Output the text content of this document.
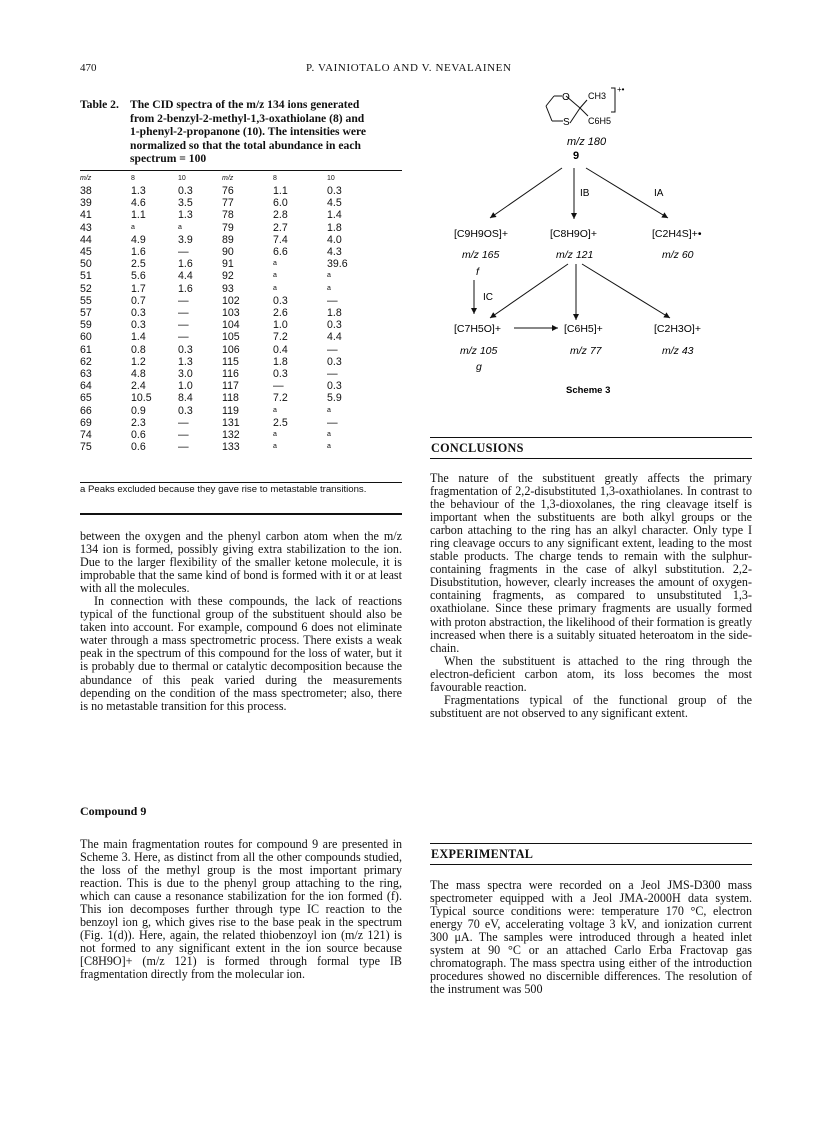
470	P. VAINIOTALO AND V. NEVALAINEN
Table 2. The CID spectra of the m/z 134 ions generated
from 2-benzyl-2-methyl-1,3-oxathiolane (8) and
1-phenyl-2-propanone (10). The intensities were
normalized so that the total abundance in each
spectrum = 100
m/z	8	10	m/z	8	10
38	1.3	0.3	76	1.1	0.3
39	4.6	3.5	77	6.0	4.5
41	1.1	1.3	78	2.8	1.4
43	a	a	79	2.7	1.8
44	4.9	3.9	89	7.4	4.0
45	1.6	—	90	6.6	4.3
50	2.5	1.6	91	a	39.6
51	5.6	4.4	92	a	a
52	1.7	1.6	93	a	a
55	0.7	—	102	0.3	—
57	0.3	—	103	2.6	1.8
59	0.3	—	104	1.0	0.3
60	1.4	—	105	7.2	4.4
61	0.8	0.3	106	0.4	—
62	1.2	1.3	115	1.8	0.3
63	4.8	3.0	116	0.3	—
64	2.4	1.0	117	—	0.3
65	10.5	8.4	118	7.2	5.9
66	0.9	0.3	119	a	a
69	2.3	—	131	2.5	—
74	0.6	—	132	a	a
75	0.6	—	133	a	a
a Peaks excluded because they gave rise to metastable transitions.

between the oxygen and the phenyl carbon atom when the m/z 134 ion is formed, possibly giving extra stabilization to the ion. Due to the larger flexibility of the smaller ketone molecule, it is improbable that the same kind of bond is formed with it or at least with all the molecules.

In connection with these compounds, the lack of reactions typical of the functional group of the substituent should also be taken into account. For example, compound 6 does not eliminate water through a mass spectrometric process. There exists a weak peak in the spectrum of this compound for the loss of water, but it is probably due to thermal or catalytic decomposition because the abundance of this peak varied during the measurements depending on the condition of the mass spectrometer; also, there is no metastable transition for this process.

Compound 9

The main fragmentation routes for compound 9 are presented in Scheme 3. Here, as distinct from all the other compounds studied, the loss of the methyl group is the most important primary reaction. This is due to the phenyl group attaching to the ring, which can cause a resonance stabilization for the ion formed (f). This ion decomposes further through type IC reaction to the benzoyl ion g, which gives rise to the base peak in the spectrum (Fig. 1(d)). Here, again, the related thiobenzoyl ion (m/z 121) is not formed to any significant extent in the ion source because [C8H9O]+ (m/z 121) is formed through formal type IB fragmentation directly from the molecular ion.

O
S
CH3
C6H5
+•
m/z 180
9
IB	IA
[C9H9OS]+
m/z 165
f
[C8H9O]+
m/z 121
[C2H4S]+•
m/z 60
IC
[C7H5O]+
m/z 105
g
[C6H5]+
m/z 77
[C2H3O]+
m/z 43
Scheme 3
CONCLUSIONS

The nature of the substituent greatly affects the primary fragmentation of 2,2-disubstituted 1,3-oxathiolanes. In contrast to the behaviour of the 1,3-dioxolanes, the ring cleavage itself is important when the substituents are both alkyl groups or the carbon attaching to the ring has an alkyl character. Only type I ring cleavage occurs to any significant extent, leading to the most stable products. The charge tends to remain with the sulphur-containing fragments in the case of alkyl substitution. 2,2-Disubstitution, however, clearly increases the amount of oxygen-containing fragments, as compared to unsubstituted 1,3-oxathiolane. Since these primary fragments are usually formed with proton abstraction, the likelihood of their formation is greatly increased when there is a suitably situated heteroatom in the side-chain.

When the substituent is attached to the ring through the electron-deficient carbon atom, its loss becomes the most favourable reaction.

Fragmentations typical of the functional group of the substituent are not observed to any significant extent.

EXPERIMENTAL

The mass spectra were recorded on a Jeol JMS-D300 mass spectrometer equipped with a Jeol JMA-2000H data system. Typical source conditions were: temperature 170 °C, electron energy 70 eV, accelerating voltage 3 kV, and ionization current 300 μA. The samples were introduced through a heated inlet system at 90 °C or an attached Carlo Erba Fractovap gas chromatograph. The mass spectra using either of the introduction procedures showed no discernible differences. The resolution of the instrument was 500
